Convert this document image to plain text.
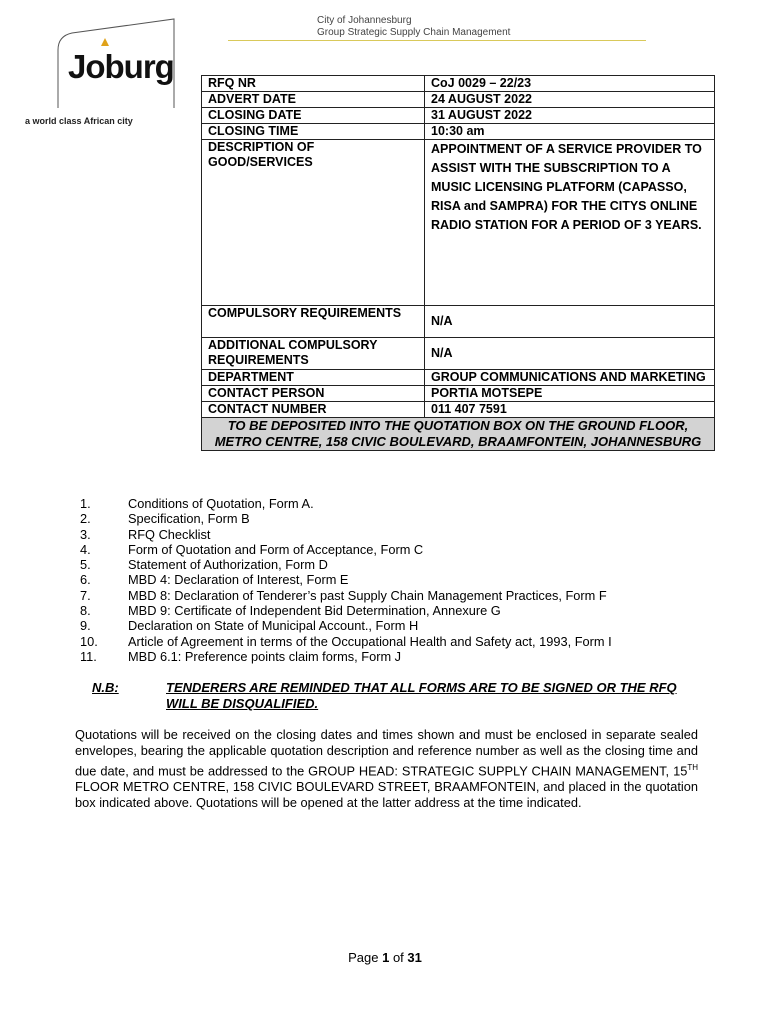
City of Johannesburg
Group Strategic Supply Chain Management
Joburg
a world class African city
RFQ NR	CoJ 0029 – 22/23
ADVERT DATE	24 AUGUST 2022
CLOSING DATE	31 AUGUST 2022
CLOSING TIME	10:30 am
DESCRIPTION OF GOOD/SERVICES	APPOINTMENT OF A SERVICE PROVIDER TO ASSIST WITH THE SUBSCRIPTION TO A MUSIC LICENSING PLATFORM (CAPASSO, RISA and SAMPRA) FOR THE CITYS ONLINE RADIO STATION FOR A PERIOD OF 3 YEARS.
COMPULSORY REQUIREMENTS	N/A
ADDITIONAL COMPULSORY REQUIREMENTS	N/A
DEPARTMENT	GROUP COMMUNICATIONS AND MARKETING
CONTACT PERSON	PORTIA MOTSEPE
CONTACT NUMBER	011 407 7591
TO BE DEPOSITED INTO THE QUOTATION BOX ON THE GROUND FLOOR, METRO CENTRE, 158 CIVIC BOULEVARD, BRAAMFONTEIN, JOHANNESBURG	
1.	Conditions of Quotation, Form A.
2.	Specification, Form B
3.	RFQ Checklist
4.	Form of Quotation and Form of Acceptance, Form C
5.	Statement of Authorization, Form D
6.	MBD 4: Declaration of Interest, Form E
7.	MBD 8: Declaration of Tenderer’s past Supply Chain Management Practices, Form F
8.	MBD 9: Certificate of Independent Bid Determination, Annexure G
9.	Declaration on State of Municipal Account., Form H
10. Article of Agreement in terms of the Occupational Health and Safety act, 1993, Form I
11. MBD 6.1: Preference points claim forms, Form J
N.B:	TENDERERS ARE REMINDED THAT ALL FORMS ARE TO BE SIGNED OR THE RFQ WILL BE DISQUALIFIED.
Quotations will be received on the closing dates and times shown and must be enclosed in separate sealed envelopes, bearing the applicable quotation description and reference number as well as the closing time and due date, and must be addressed to the GROUP HEAD: STRATEGIC SUPPLY CHAIN MANAGEMENT, 15TH FLOOR METRO CENTRE, 158 CIVIC BOULEVARD STREET, BRAAMFONTEIN, and placed in the quotation box indicated above. Quotations will be opened at the latter address at the time indicated.
Page 1 of 31
